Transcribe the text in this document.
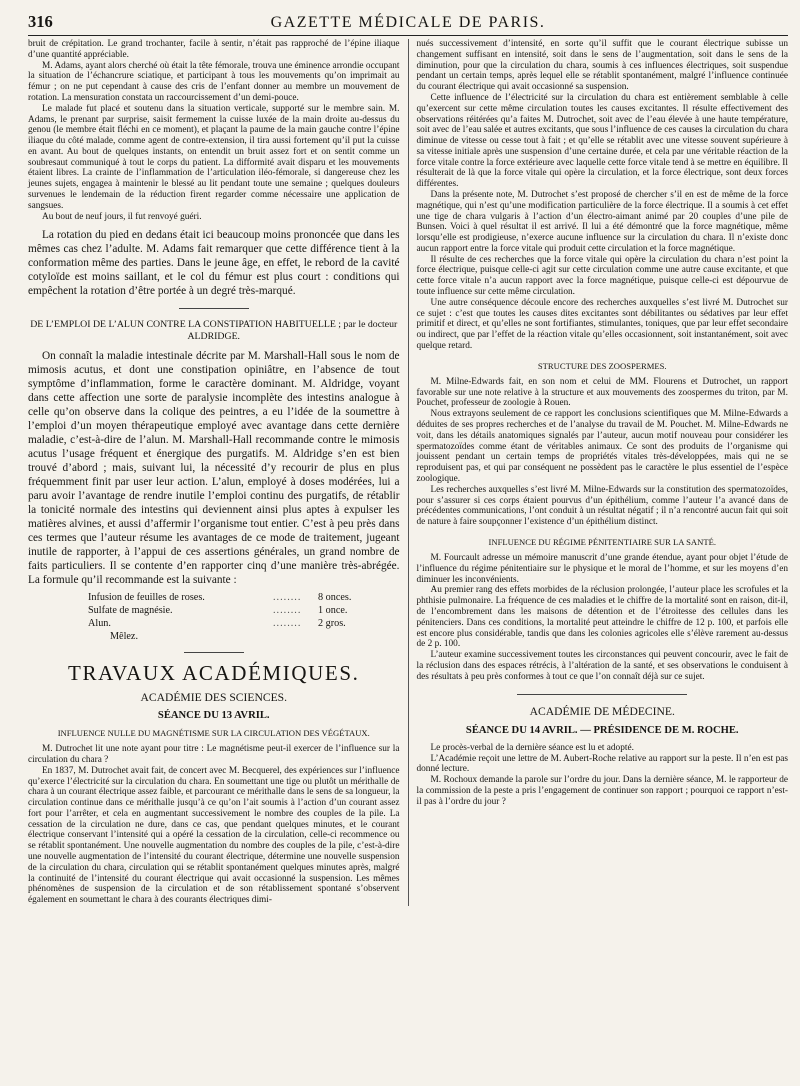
316	GAZETTE MÉDICALE DE PARIS.

bruit de crépitation. Le grand trochanter, facile à sentir, n’était pas rapproché de l’épine iliaque d’une quantité appréciable.

M. Adams, ayant alors cherché où était la tête fémorale, trouva une éminence arrondie occupant la situation de l’échancrure sciatique, et participant à tous les mouvements qu’on imprimait au fémur ; on ne put cependant à cause des cris de l’enfant donner au membre un mouvement de rotation. La mensuration constata un raccourcissement d’un demi-pouce.

Le malade fut placé et soutenu dans la situation verticale, supporté sur le membre sain. M. Adams, le prenant par surprise, saisit fermement la cuisse luxée de la main droite au-dessus du genou (le membre était fléchi en ce moment), et plaçant la paume de la main gauche contre l’épine iliaque du côté malade, comme agent de contre-extension, il tira aussi fortement qu’il put la cuisse en avant. Au bout de quelques instants, on entendit un bruit assez fort et on sentit comme un soubresaut communiqué à tout le corps du patient. La difformité avait disparu et les mouvements étaient libres. La crainte de l’inflammation de l’articulation iléo-fémorale, si dangereuse chez les jeunes sujets, engagea à maintenir le blessé au lit pendant toute une semaine ; quelques douleurs survenues le lendemain de la réduction firent regarder comme nécessaire une application de sangsues.

Au bout de neuf jours, il fut renvoyé guéri.

La rotation du pied en dedans était ici beaucoup moins prononcée que dans les mêmes cas chez l’adulte. M. Adams fait remarquer que cette différence tient à la conformation même des parties. Dans le jeune âge, en effet, le rebord de la cavité cotyloïde est moins saillant, et le col du fémur est plus court : conditions qui empêchent la rotation d’être portée à un degré très-marqué.

DE L’EMPLOI DE L’ALUN CONTRE LA CONSTIPATION HABITUELLE ; par le docteur ALDRIDGE.

On connaît la maladie intestinale décrite par M. Marshall-Hall sous le nom de mimosis acutus, et dont une constipation opiniâtre, en l’absence de tout symptôme d’inflammation, forme le caractère dominant. M. Aldridge, voyant dans cette affection une sorte de paralysie incomplète des intestins analogue à celle qu’on observe dans la colique des peintres, a eu l’idée de la soumettre à l’emploi d’un moyen thérapeutique employé avec avantage dans cette dernière maladie, c’est-à-dire de l’alun. M. Marshall-Hall recommande contre le mimosis acutus l’usage fréquent et énergique des purgatifs. M. Aldridge s’en est bien trouvé d’abord ; mais, suivant lui, la nécessité d’y recourir de plus en plus fréquemment finit par user leur action. L’alun, employé à doses modérées, lui a paru avoir l’avantage de rendre inutile l’emploi continu des purgatifs, de rétablir la tonicité normale des intestins qui deviennent ainsi plus aptes à expulser les matières alvines, et aussi d’affermir l’organisme tout entier. C’est à peu près dans ces termes que l’auteur résume les avantages de ce mode de traitement, jugeant inutile de rapporter, à l’appui de ces assertions générales, un grand nombre de faits particuliers. Il se contente d’en rapporter cinq d’une manière très-abrégée. La formule qu’il recommande est la suivante :

Infusion de feuilles de roses.	........	8 onces.
Sulfate de magnésie.	........	1 once.
Alun.	........	2 gros.
Mêlez.
TRAVAUX ACADÉMIQUES.
ACADÉMIE DES SCIENCES.
SÉANCE DU 13 AVRIL.
INFLUENCE NULLE DU MAGNÉTISME SUR LA CIRCULATION DES VÉGÉTAUX.

M. Dutrochet lit une note ayant pour titre : Le magnétisme peut-il exercer de l’influence sur la circulation du chara ?

En 1837, M. Dutrochet avait fait, de concert avec M. Becquerel, des expériences sur l’influence qu’exerce l’électricité sur la circulation du chara. En soumettant une tige ou plutôt un mérithalle de chara à un courant électrique assez faible, et parcourant ce mérithalle dans le sens de sa longueur, la circulation continue dans ce mérithalle jusqu’à ce qu’on l’ait soumis à l’action d’un courant assez fort pour l’arrêter, et cela en augmentant successivement le nombre des couples de la pile. La cessation de la circulation ne dure, dans ce cas, que pendant quelques minutes, et le courant électrique conservant l’intensité qui a opéré la cessation de la circulation, celle-ci recommence ou se rétablit spontanément. Une nouvelle augmentation du nombre des couples de la pile, c’est-à-dire une nouvelle augmentation de l’intensité du courant électrique, détermine une nouvelle suspension de la circulation du chara, circulation qui se rétablit spontanément quelques minutes après, malgré la continuité de l’intensité du courant électrique qui avait occasionné la suspension. Les mêmes phénomènes de suspension de la circulation et de son rétablissement spontané s’observent également en soumettant le chara à des courants électriques dimi-

nués successivement d’intensité, en sorte qu’il suffit que le courant électrique subisse un changement suffisant en intensité, soit dans le sens de l’augmentation, soit dans le sens de la diminution, pour que la circulation du chara, soumis à ces influences électriques, soit suspendue pendant un certain temps, après lequel elle se rétablit spontanément, malgré l’influence continuée du courant électrique qui avait occasionné sa suspension.

Cette influence de l’électricité sur la circulation du chara est entièrement semblable à celle qu’exercent sur cette même circulation toutes les causes excitantes. Il résulte effectivement des observations réitérées qu’a faites M. Dutrochet, soit avec de l’eau élevée à une haute température, soit avec de l’eau salée et autres excitants, que sous l’influence de ces causes la circulation du chara diminue de vitesse ou cesse tout à fait ; et qu’elle se rétablit avec une vitesse souvent supérieure à sa vitesse initiale après une suspension d’une certaine durée, et cela par une véritable réaction de la force vitale contre la force extérieure avec laquelle cette force vitale tend à se mettre en équilibre. Il résulterait de là que la force vitale qui opère la circulation, et la force électrique, sont deux forces différentes.

Dans la présente note, M. Dutrochet s’est proposé de chercher s’il en est de même de la force magnétique, qui n’est qu’une modification particulière de la force électrique. Il a soumis à cet effet une tige de chara vulgaris à l’action d’un électro-aimant animé par 20 couples d’une pile de Bunsen. Voici à quel résultat il est arrivé. Il lui a été démontré que la force magnétique, même lorsqu’elle est prodigieuse, n’exerce aucune influence sur la circulation du chara. Il n’existe donc aucun rapport entre la force vitale qui produit cette circulation et la force magnétique.

Il résulte de ces recherches que la force vitale qui opère la circulation du chara n’est point la force électrique, puisque celle-ci agit sur cette circulation comme une autre cause excitante, et que cette force vitale n’a aucun rapport avec la force magnétique, puisque celle-ci est dépourvue de toute influence sur cette même circulation.

Une autre conséquence découle encore des recherches auxquelles s’est livré M. Dutrochet sur ce sujet : c’est que toutes les causes dites excitantes sont débilitantes ou sédatives par leur effet primitif et direct, et qu’elles ne sont fortifiantes, stimulantes, toniques, que par leur effet secondaire ou indirect, que par l’effet de la réaction vitale qu’elles occasionnent, soit instantanément, soit avec quelque retard.

STRUCTURE DES ZOOSPERMES.

M. Milne-Edwards fait, en son nom et celui de MM. Flourens et Dutrochet, un rapport favorable sur une note relative à la structure et aux mouvements des zoospermes du triton, par M. Pouchet, professeur de zoologie à Rouen.

Nous extrayons seulement de ce rapport les conclusions scientifiques que M. Milne-Edwards a déduites de ses propres recherches et de l’analyse du travail de M. Pouchet. M. Milne-Edwards ne voit, dans les détails anatomiques signalés par l’auteur, aucun motif nouveau pour considérer les spermatozoïdes comme étant de véritables animaux. Ce sont des produits de l’organisme qui jouissent pendant un certain temps de propriétés vitales très-développées, mais qui ne se reproduisent pas, et qui par conséquent ne possèdent pas le caractère le plus essentiel de l’espèce zoologique.

Les recherches auxquelles s’est livré M. Milne-Edwards sur la constitution des spermatozoïdes, pour s’assurer si ces corps étaient pourvus d’un épithélium, comme l’auteur l’a avancé dans de précédentes communications, l’ont conduit à un résultat négatif ; il n’a rencontré aucun fait qui soit de nature à faire soupçonner l’existence d’un épithélium distinct.

INFLUENCE DU RÉGIME PÉNITENTIAIRE SUR LA SANTÉ.

M. Fourcault adresse un mémoire manuscrit d’une grande étendue, ayant pour objet l’étude de l’influence du régime pénitentiaire sur le physique et le moral de l’homme, et sur les moyens d’en diminuer les inconvénients.

Au premier rang des effets morbides de la réclusion prolongée, l’auteur place les scrofules et la phthisie pulmonaire. La fréquence de ces maladies et le chiffre de la mortalité sont en raison, dit-il, de l’encombrement dans les maisons de détention et de l’étroitesse des cellules dans les pénitenciers. Dans ces conditions, la mortalité peut atteindre le chiffre de 12 p. 100, et parfois elle est encore plus considérable, tandis que dans les colonies agricoles elle s’élève rarement au-dessus de 2 p. 100.

L’auteur examine successivement toutes les circonstances qui peuvent concourir, avec le fait de la réclusion dans des espaces rétrécis, à l’altération de la santé, et ses observations le conduisent à des résultats à peu près conformes à tout ce que l’on connaît déjà sur ce sujet.

ACADÉMIE DE MÉDECINE.
SÉANCE DU 14 AVRIL. — PRÉSIDENCE DE M. ROCHE.

Le procès-verbal de la dernière séance est lu et adopté.

L’Académie reçoit une lettre de M. Aubert-Roche relative au rapport sur la peste. Il n’en est pas donné lecture.

M. Rochoux demande la parole sur l’ordre du jour. Dans la dernière séance, M. le rapporteur de la commission de la peste a pris l’engagement de continuer son rapport ; pourquoi ce rapport n’est-il pas à l’ordre du jour ?
